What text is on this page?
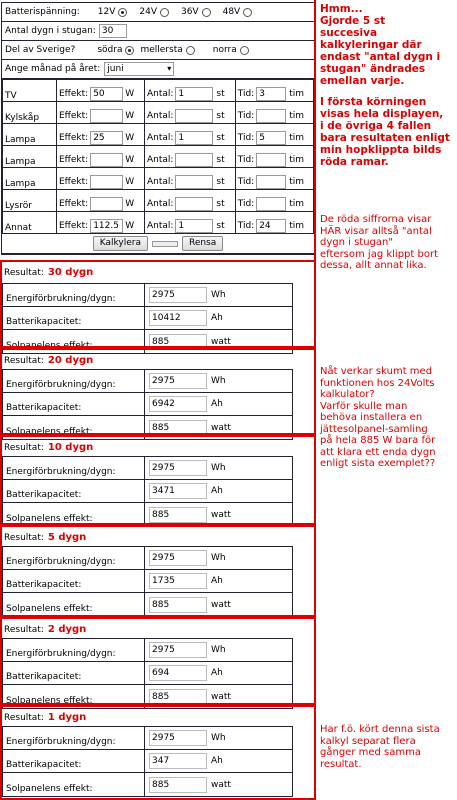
Batterispänning: 12V	24V	36V	48V
Antal dygn i stugan: 30
Del av Sverige? södra mellersta	norra
Ange månad på året: juni ▾
TV	Effekt: 50 W	Antal: 1 st	Tid: 3 tim

Kylskåp	Effekt: W	Antal: st	Tid: tim

Lampa	Effekt: 25 W	Antal: 1 st	Tid: 5 tim

Lampa	Effekt: W	Antal: st	Tid: tim

Lampa	Effekt: W	Antal: st	Tid: tim

Lysrör	Effekt: W	Antal: st	Tid: tim

Annat	Effekt: 112.5 W	Antal: 1 st	Tid: 24 tim
Kalkylera	Rensa
Resultat: 30 dygn
Energiförbrukning/dygn:	2975	Wh
Batterikapacitet:	10412	Ah
Solpanelens effekt:	885	watt
Resultat: 20 dygn
Energiförbrukning/dygn:	2975	Wh
Batterikapacitet:	6942	Ah
Solpanelens effekt:	885	watt
Resultat: 10 dygn
Energiförbrukning/dygn:	2975	Wh
Batterikapacitet:	3471	Ah
Solpanelens effekt:	885	watt
Resultat: 5 dygn
Energiförbrukning/dygn:	2975	Wh
Batterikapacitet:	1735	Ah
Solpanelens effekt:	885	watt
Resultat: 2 dygn
Energiförbrukning/dygn:	2975	Wh
Batterikapacitet:	694	Ah
Solpanelens effekt:	885	watt
Resultat: 1 dygn
Energiförbrukning/dygn:	2975	Wh
Batterikapacitet:	347	Ah
Solpanelens effekt:	885	watt
Hmm...
Gjorde 5 st
succesiva
kalkyleringar där
endast "antal dygn i
stugan" ändrades
emellan varje.
I första körningen
visas hela displayen,
i de övriga 4 fallen
bara resultaten enligt
min hopklippta bilds
röda ramar.
De röda siffrorna visar
HÄR visar alltså "antal
dygn i stugan"
eftersom jag klippt bort
dessa, allt annat lika.
Nåt verkar skumt med
funktionen hos 24Volts
kalkulator?
Varför skulle man
behöva installera en
jättesolpanel-samling
på hela 885 W bara för
att klara ett enda dygn
enligt sista exemplet??
Har f.ö. kört denna sista
kalkyl separat flera
gånger med samma
resultat.
